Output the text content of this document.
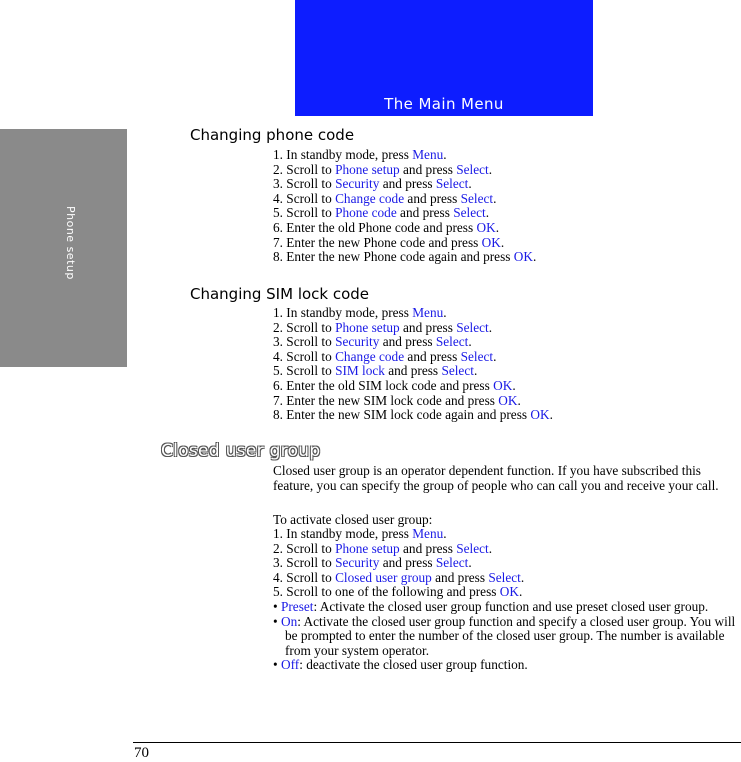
The Main Menu
Phone setup
Changing phone code
1. In standby mode, press Menu.
2. Scroll to Phone setup and press Select.
3. Scroll to Security and press Select.
4. Scroll to Change code and press Select.
5. Scroll to Phone code and press Select.
6. Enter the old Phone code and press OK.
7. Enter the new Phone code and press OK.
8. Enter the new Phone code again and press OK.
Changing SIM lock code
1. In standby mode, press Menu.
2. Scroll to Phone setup and press Select.
3. Scroll to Security and press Select.
4. Scroll to Change code and press Select.
5. Scroll to SIM lock and press Select.
6. Enter the old SIM lock code and press OK.
7. Enter the new SIM lock code and press OK.
8. Enter the new SIM lock code again and press OK.
Closed user group

Closed user group is an operator dependent function. If you have subscribed this feature, you can specify the group of people who can call you and receive your call.

To activate closed user group:

1. In standby mode, press Menu.
2. Scroll to Phone setup and press Select.
3. Scroll to Security and press Select.
4. Scroll to Closed user group and press Select.
5. Scroll to one of the following and press OK.
• Preset: Activate the closed user group function and use preset closed user group.
• On: Activate the closed user group function and specify a closed user group. You will be prompted to enter the number of the closed user group. The number is available from your system operator.
• Off: deactivate the closed user group function.
70
